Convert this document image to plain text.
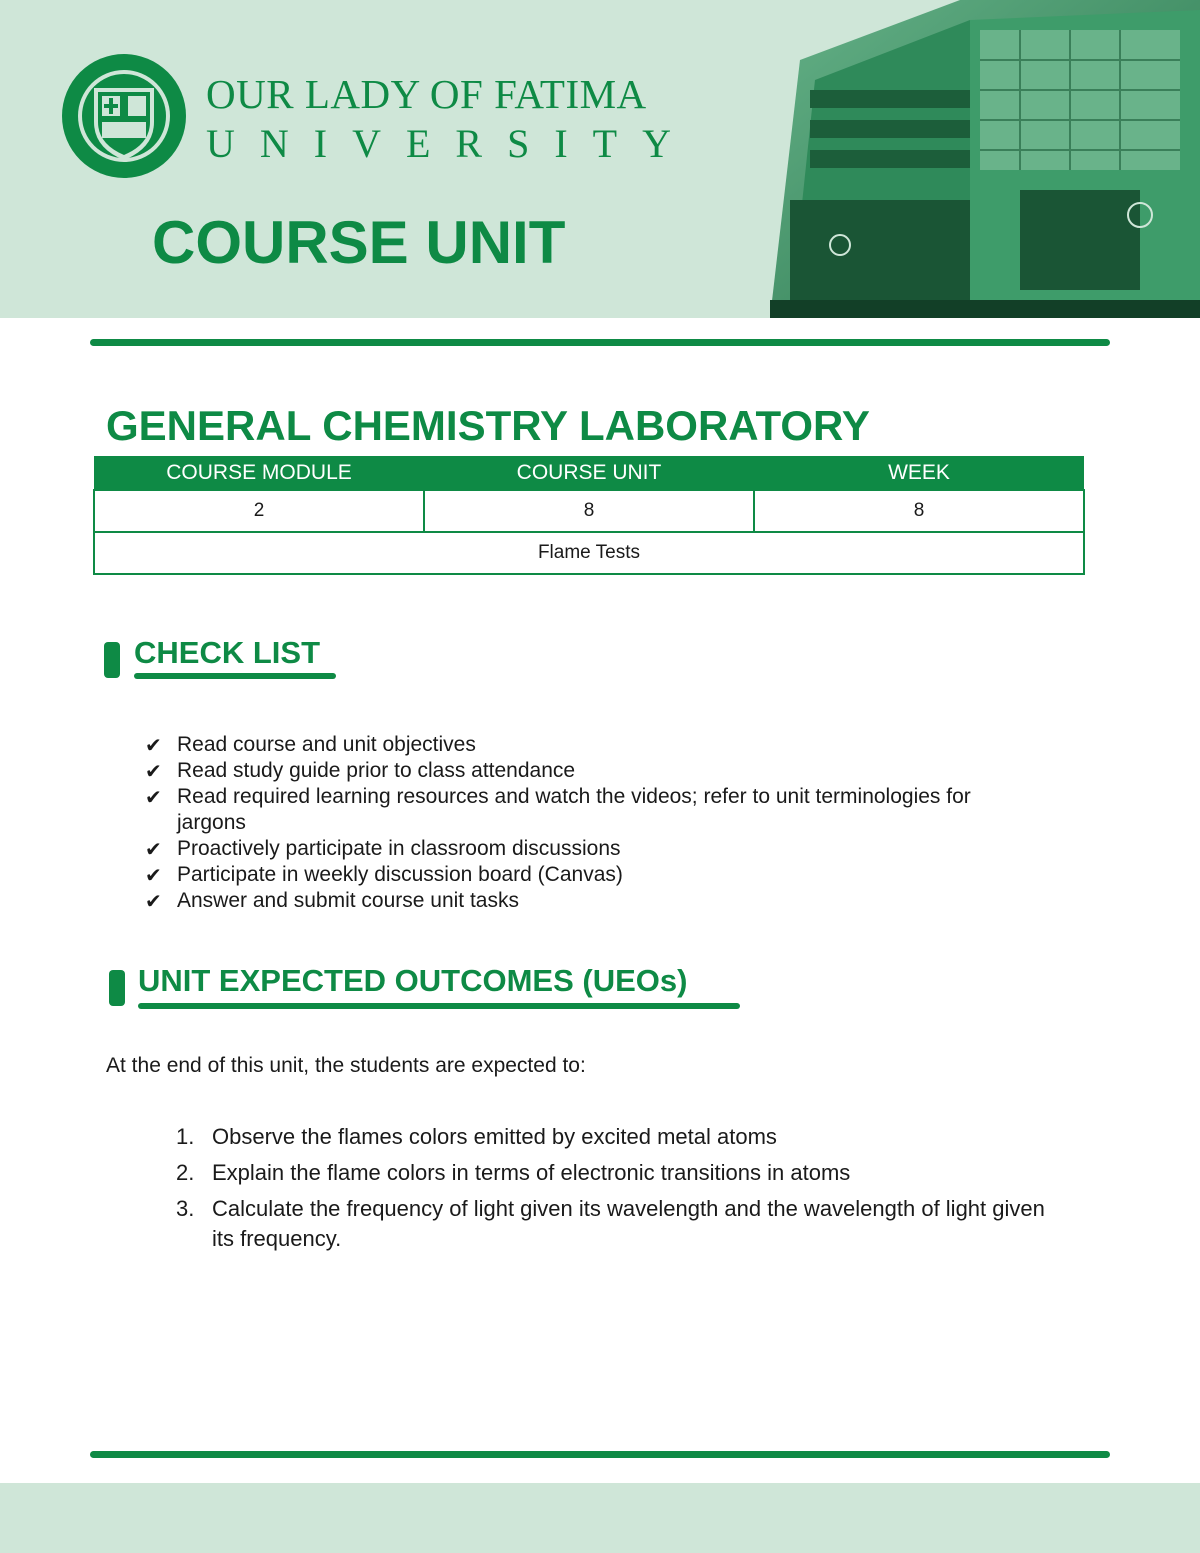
OUR LADY OF FATIMA
UNIVERSITY
COURSE UNIT
GENERAL CHEMISTRY LABORATORY
COURSE MODULE	COURSE UNIT	WEEK
2	8	8
Flame Tests		
CHECK LIST
✔ Read course and unit objectives
✔ Read study guide prior to class attendance
✔ Read required learning resources and watch the videos; refer to unit terminologies for jargons
✔ Proactively participate in classroom discussions
✔ Participate in weekly discussion board (Canvas)
✔ Answer and submit course unit tasks
UNIT EXPECTED OUTCOMES (UEOs)
At the end of this unit, the students are expected to:
1. Observe the flames colors emitted by excited metal atoms
2. Explain the flame colors in terms of electronic transitions in atoms
3. Calculate the frequency of light given its wavelength and the wavelength of light given its frequency.
